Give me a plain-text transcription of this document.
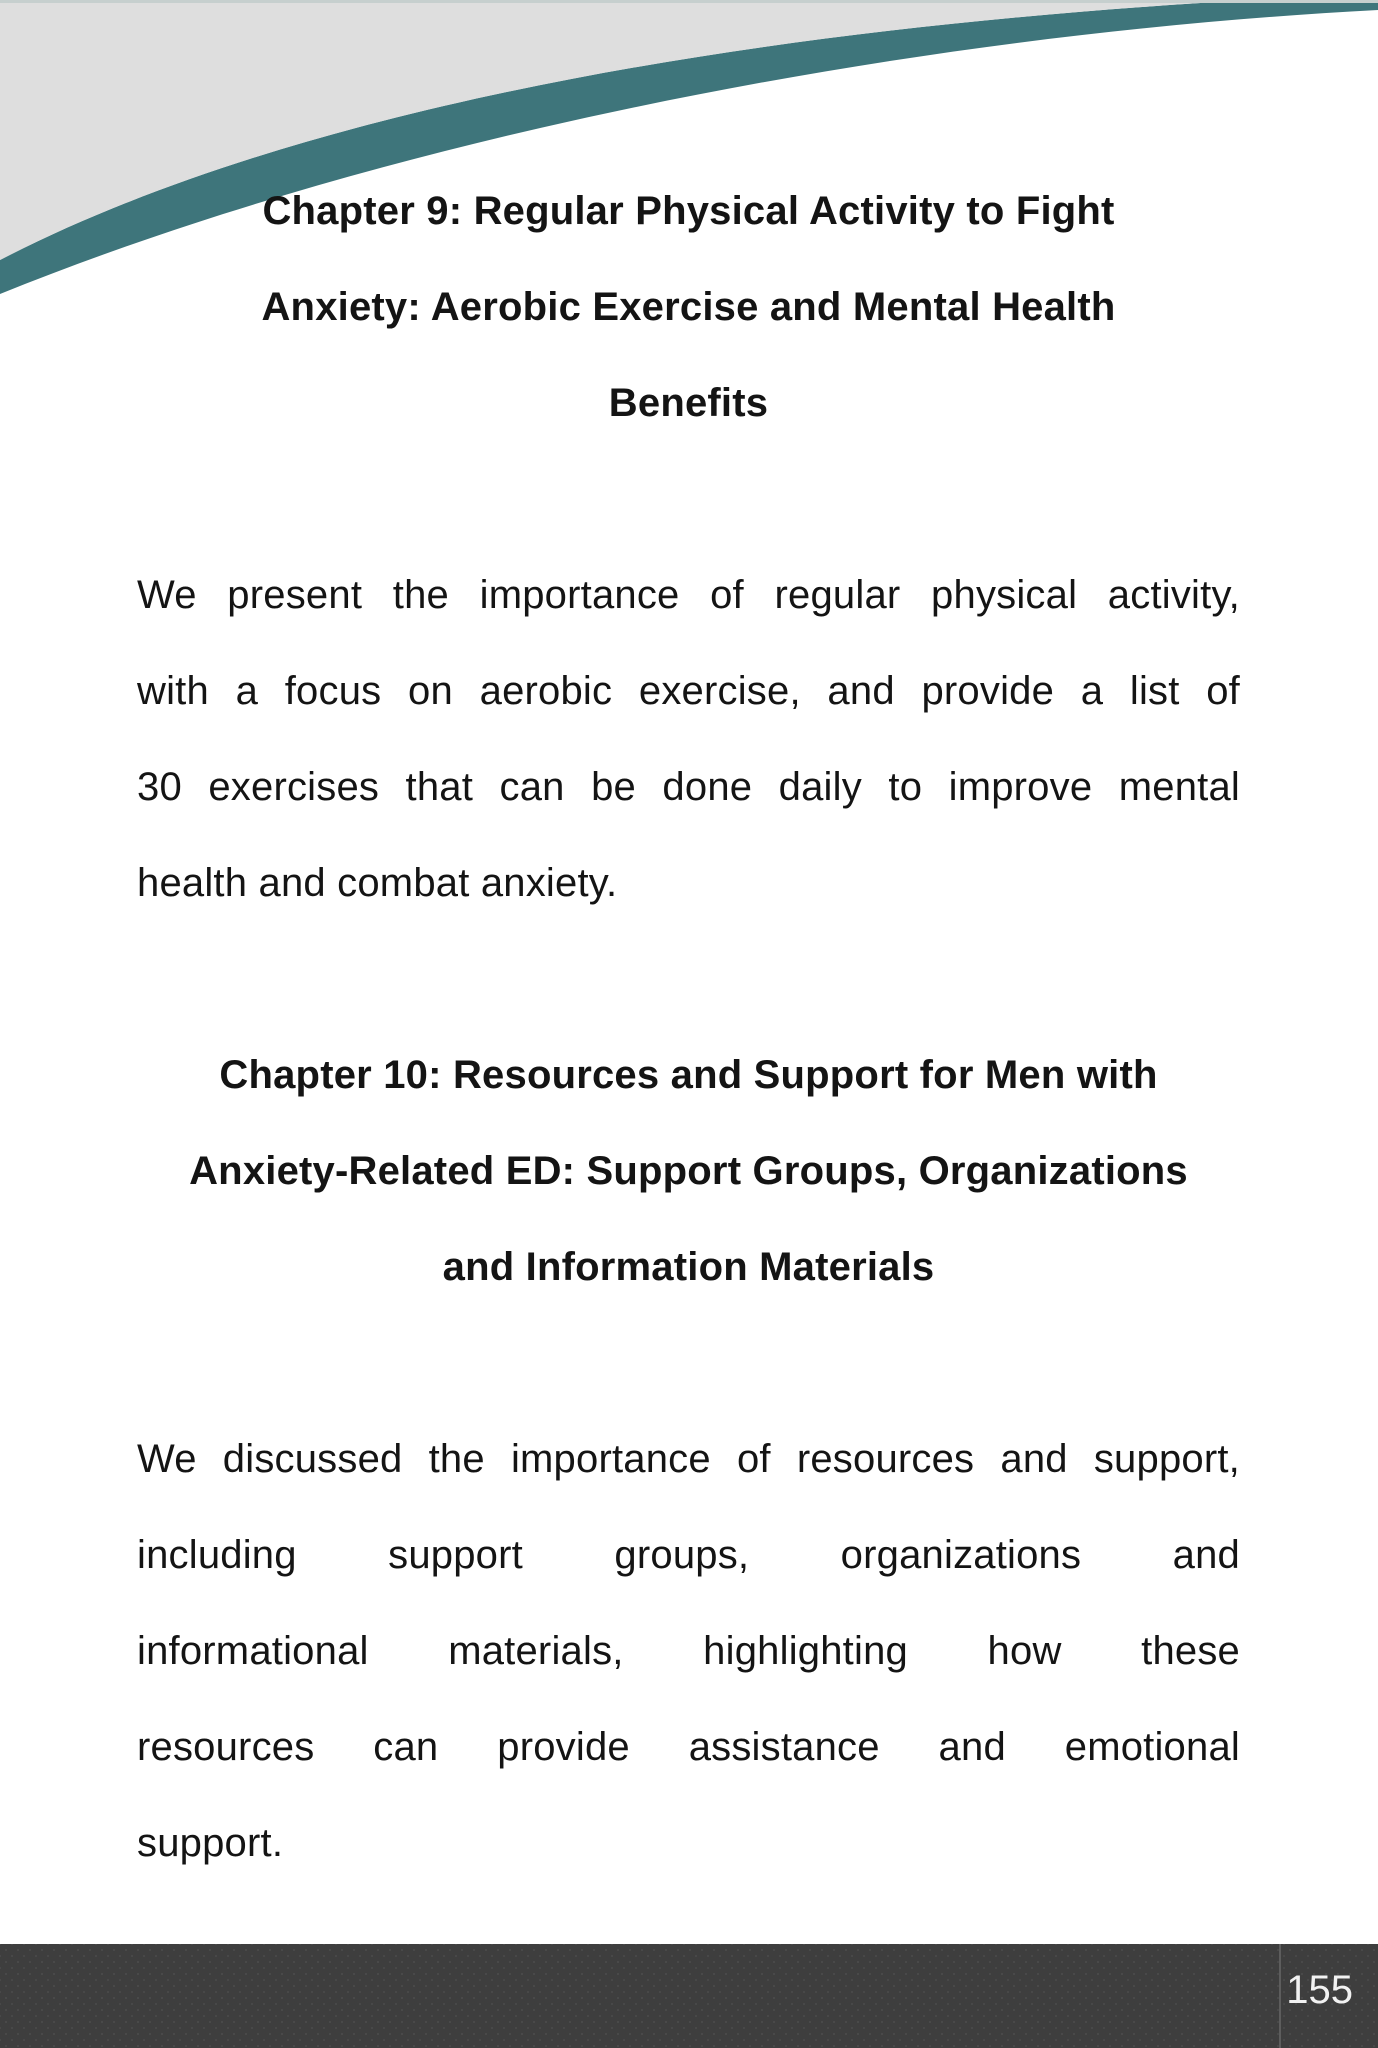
Chapter 9: Regular Physical Activity to Fight
Anxiety: Aerobic Exercise and Mental Health
Benefits

We present the importance of regular physical activity,
with a focus on aerobic exercise, and provide a list of
30 exercises that can be done daily to improve mental
health and combat anxiety.

Chapter 10: Resources and Support for Men with
Anxiety-Related ED: Support Groups, Organizations
and Information Materials

We discussed the importance of resources and support,
including support groups, organizations and
informational materials, highlighting how these
resources can provide assistance and emotional
support.

155
